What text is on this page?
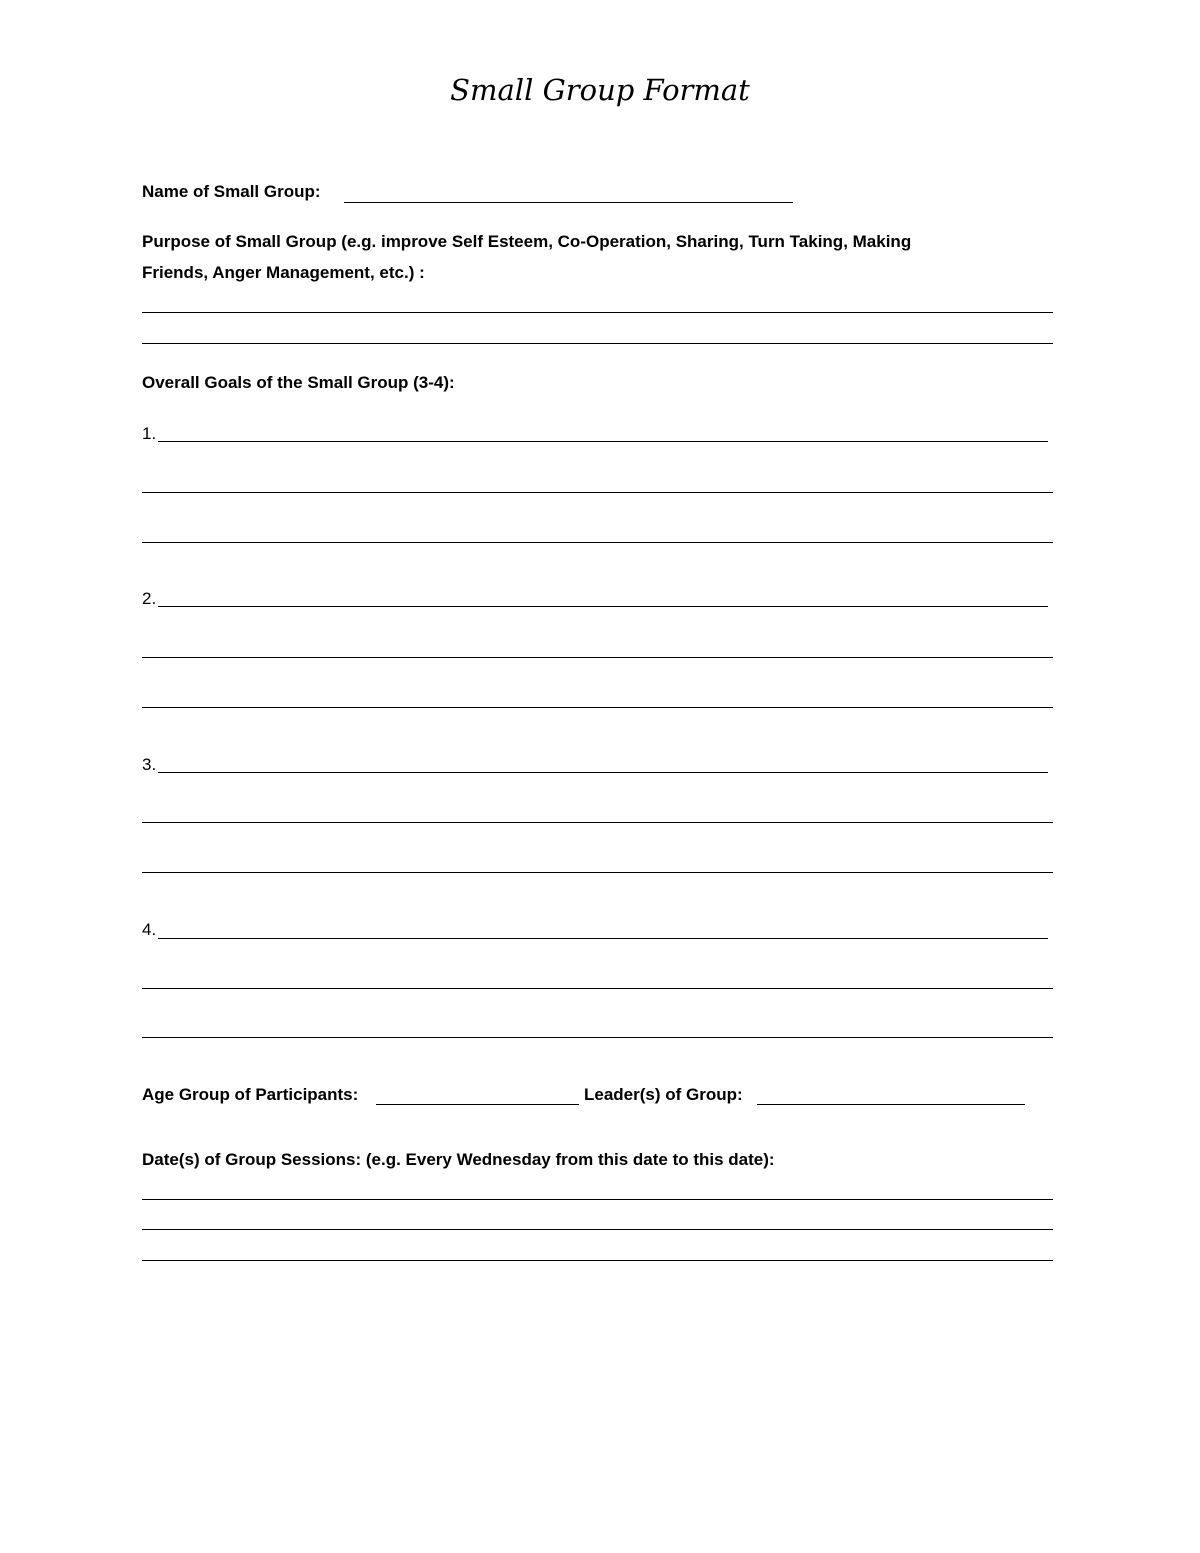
Small Group Format
Name of Small Group:
Purpose of Small Group (e.g. improve Self Esteem, Co-Operation, Sharing, Turn Taking, Making
Friends, Anger Management, etc.) :
Overall Goals of the Small Group (3-4):
1.
2.
3.
4.
Age Group of Participants:	Leader(s) of Group:
Date(s) of Group Sessions: (e.g. Every Wednesday from this date to this date):
